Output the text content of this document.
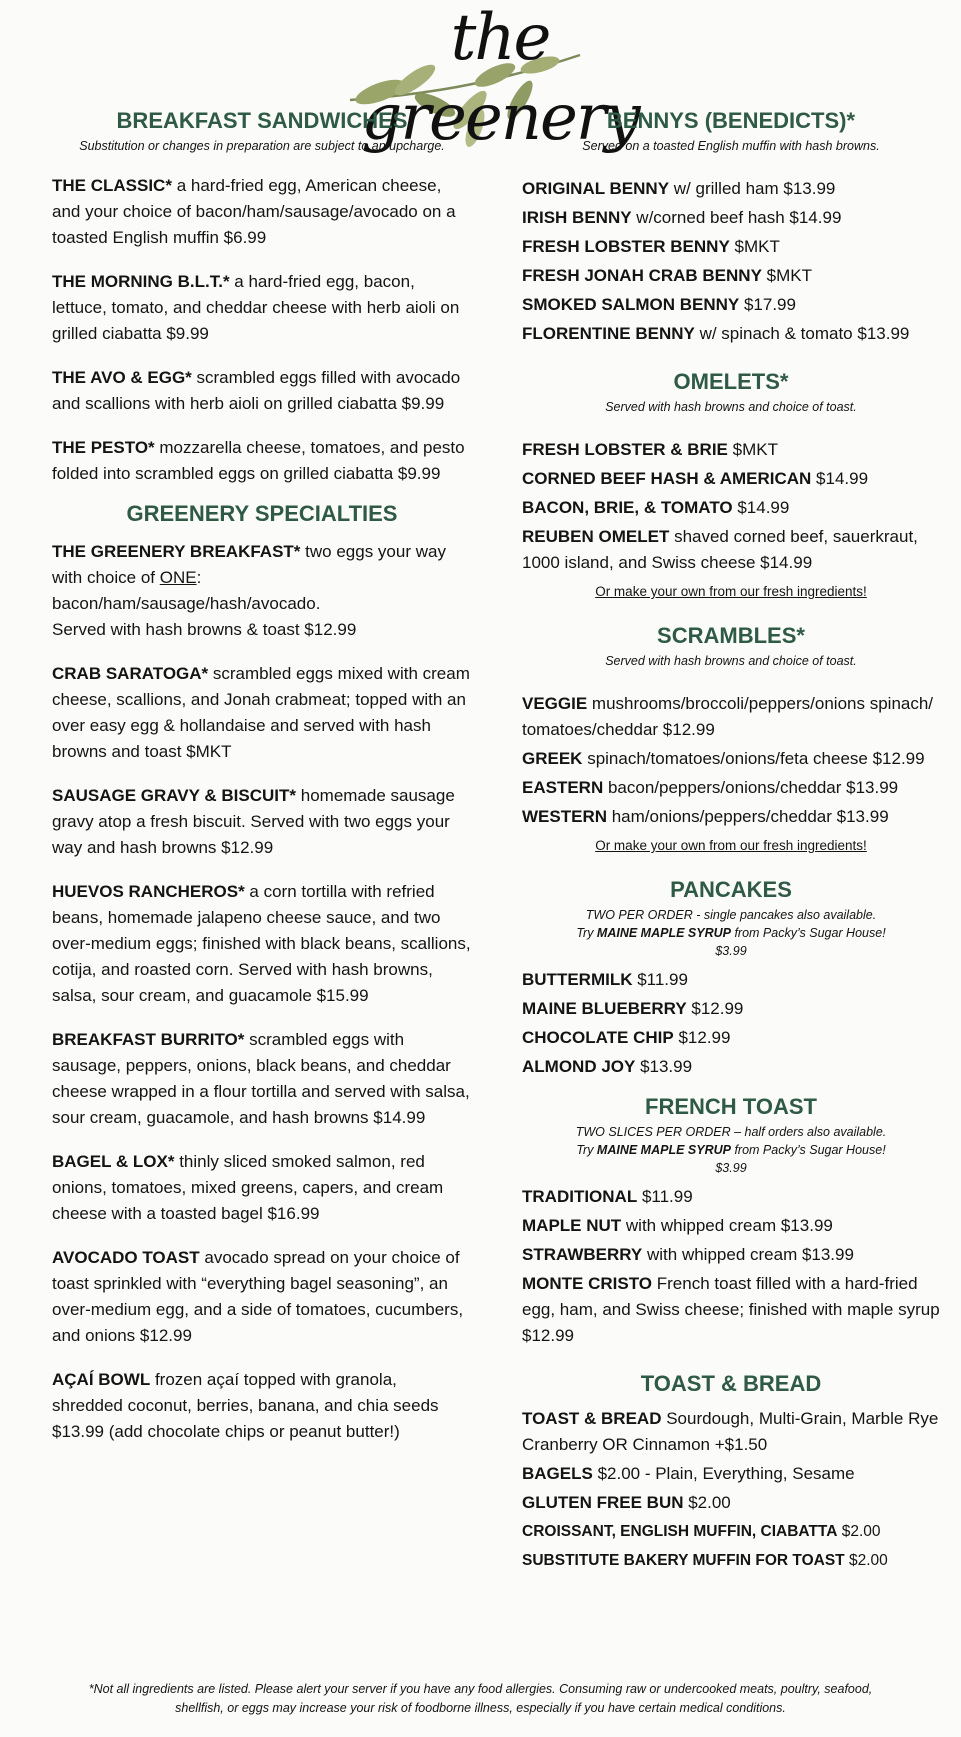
the greenery
BREAKFAST SANDWICHES

Substitution or changes in preparation are subject to an upcharge.

THE CLASSIC* a hard-fried egg, American cheese, and your choice of bacon/ham/sausage/avocado on a toasted English muffin $6.99
THE MORNING B.L.T.* a hard-fried egg, bacon, lettuce, tomato, and cheddar cheese with herb aioli on grilled ciabatta $9.99
THE AVO & EGG* scrambled eggs filled with avocado and scallions with herb aioli on grilled ciabatta $9.99
THE PESTO* mozzarella cheese, tomatoes, and pesto folded into scrambled eggs on grilled ciabatta $9.99
GREENERY SPECIALTIES
THE GREENERY BREAKFAST* two eggs your way with choice of ONE: bacon/ham/sausage/hash/avocado.
Served with hash browns & toast $12.99
CRAB SARATOGA* scrambled eggs mixed with cream cheese, scallions, and Jonah crabmeat; topped with an over easy egg & hollandaise and served with hash browns and toast $MKT
SAUSAGE GRAVY & BISCUIT* homemade sausage gravy atop a fresh biscuit. Served with two eggs your way and hash browns $12.99
HUEVOS RANCHEROS* a corn tortilla with refried beans, homemade jalapeno cheese sauce, and two over-medium eggs; finished with black beans, scallions, cotija, and roasted corn. Served with hash browns, salsa, sour cream, and guacamole $15.99
BREAKFAST BURRITO* scrambled eggs with sausage, peppers, onions, black beans, and cheddar cheese wrapped in a flour tortilla and served with salsa, sour cream, guacamole, and hash browns $14.99
BAGEL & LOX* thinly sliced smoked salmon, red onions, tomatoes, mixed greens, capers, and cream cheese with a toasted bagel $16.99
AVOCADO TOAST avocado spread on your choice of toast sprinkled with “everything bagel seasoning”, an over-medium egg, and a side of tomatoes, cucumbers, and onions $12.99
AÇAÍ BOWL frozen açaí topped with granola, shredded coconut, berries, banana, and chia seeds $13.99 (add chocolate chips or peanut butter!)
BENNYS (BENEDICTS)*

Served on a toasted English muffin with hash browns.

ORIGINAL BENNY w/ grilled ham $13.99
IRISH BENNY w/corned beef hash $14.99
FRESH LOBSTER BENNY $MKT
FRESH JONAH CRAB BENNY $MKT
SMOKED SALMON BENNY $17.99
FLORENTINE BENNY w/ spinach & tomato $13.99
OMELETS*

Served with hash browns and choice of toast.

FRESH LOBSTER & BRIE $MKT
CORNED BEEF HASH & AMERICAN $14.99
BACON, BRIE, & TOMATO $14.99
REUBEN OMELET shaved corned beef, sauerkraut, 1000 island, and Swiss cheese $14.99
Or make your own from our fresh ingredients!
SCRAMBLES*

Served with hash browns and choice of toast.

VEGGIE mushrooms/broccoli/peppers/onions spinach/ tomatoes/cheddar $12.99
GREEK spinach/tomatoes/onions/feta cheese $12.99
EASTERN bacon/peppers/onions/cheddar $13.99
WESTERN ham/onions/peppers/cheddar $13.99
Or make your own from our fresh ingredients!
PANCAKES

TWO PER ORDER - single pancakes also available.

Try MAINE MAPLE SYRUP from Packy’s Sugar House!

$3.99

BUTTERMILK $11.99
MAINE BLUEBERRY $12.99
CHOCOLATE CHIP $12.99
ALMOND JOY $13.99
FRENCH TOAST

TWO SLICES PER ORDER – half orders also available.

Try MAINE MAPLE SYRUP from Packy’s Sugar House!

$3.99

TRADITIONAL $11.99
MAPLE NUT with whipped cream $13.99
STRAWBERRY with whipped cream $13.99
MONTE CRISTO French toast filled with a hard-fried egg, ham, and Swiss cheese; finished with maple syrup $12.99
TOAST & BREAD
TOAST & BREAD Sourdough, Multi-Grain, Marble Rye Cranberry OR Cinnamon +$1.50
BAGELS $2.00 - Plain, Everything, Sesame
GLUTEN FREE BUN $2.00
CROISSANT, ENGLISH MUFFIN, CIABATTA $2.00
SUBSTITUTE BAKERY MUFFIN FOR TOAST $2.00
*Not all ingredients are listed. Please alert your server if you have any food allergies. Consuming raw or undercooked meats, poultry, seafood,
shellfish, or eggs may increase your risk of foodborne illness, especially if you have certain medical conditions.
